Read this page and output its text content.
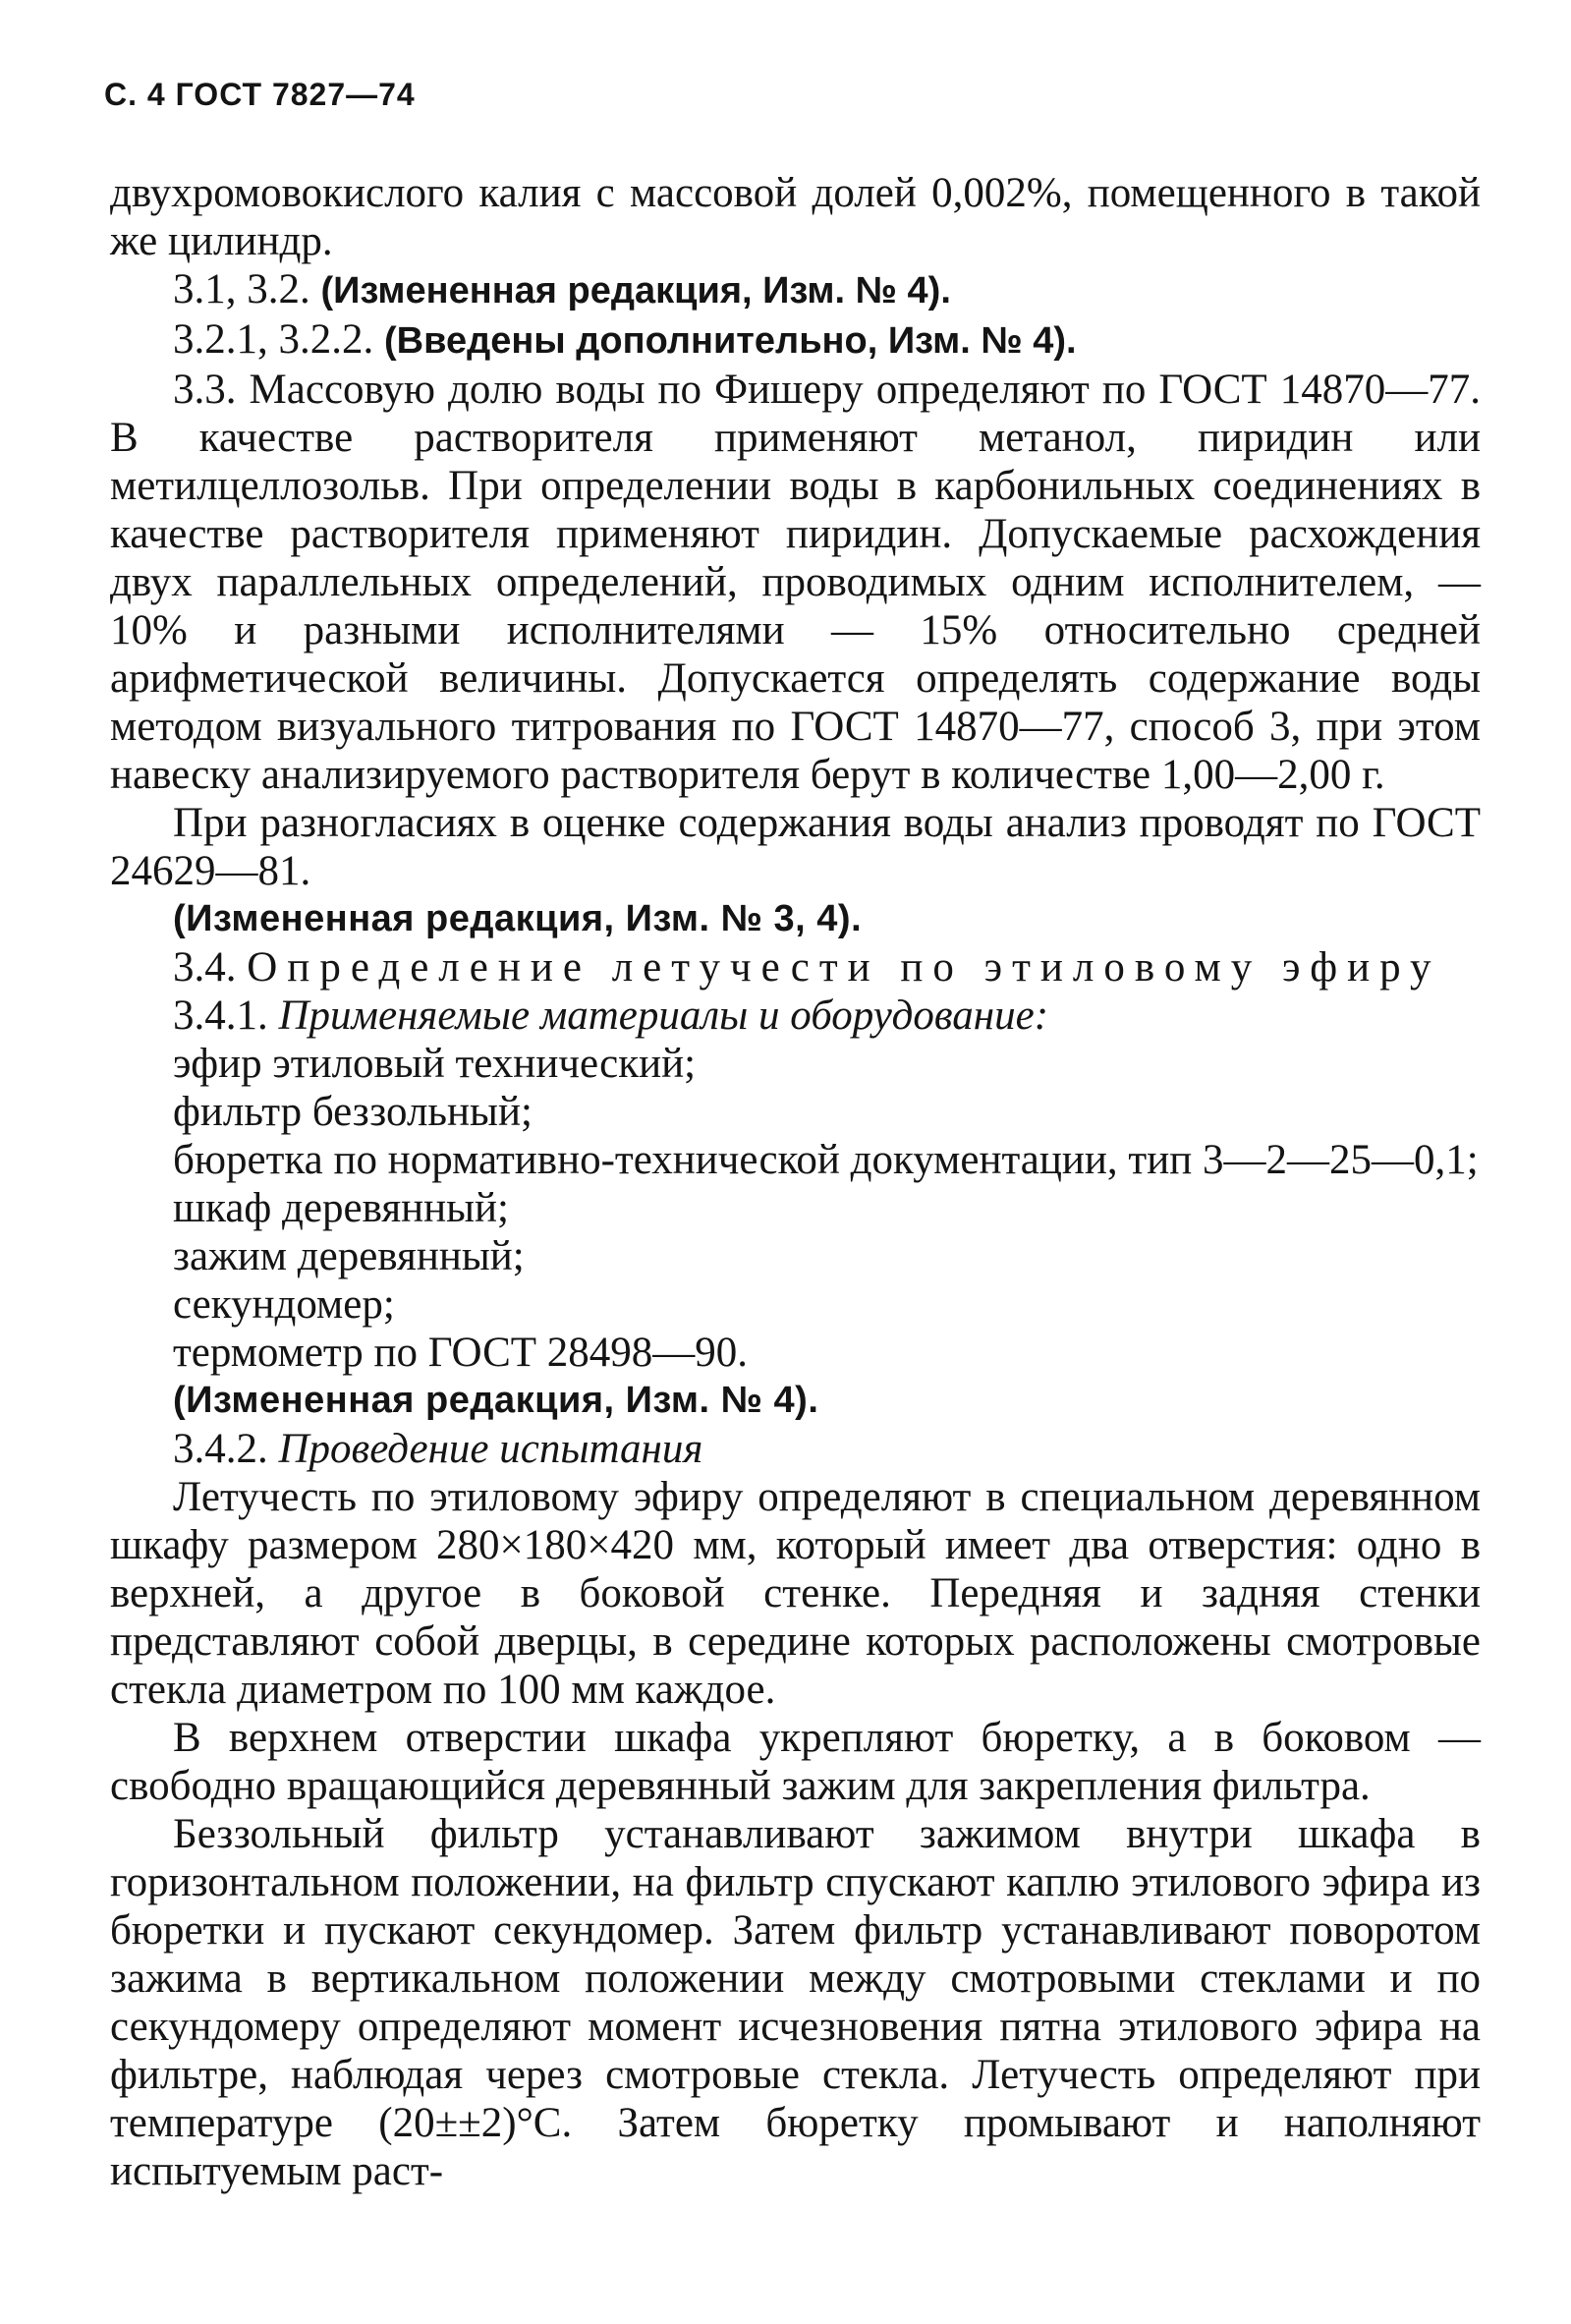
С. 4 ГОСТ 7827—74

двухромовокислого калия с массовой долей 0,002%, помещенного в такой же цилиндр.

3.1, 3.2. (Измененная редакция, Изм. № 4).

3.2.1, 3.2.2. (Введены дополнительно, Изм. № 4).

3.3. Массовую долю воды по Фишеру определяют по ГОСТ 14870—77. В качестве растворителя применяют метанол, пиридин или метилцеллозольв. При определении воды в карбонильных соединениях в качестве растворителя применяют пиридин. Допускаемые расхождения двух параллельных определений, проводимых одним исполнителем, — 10% и разными исполнителями — 15% относительно средней арифметической величины. Допускается определять содержание воды методом визуального титрования по ГОСТ 14870—77, способ 3, при этом навеску анализируемого растворителя берут в количестве 1,00—2,00 г.

При разногласиях в оценке содержания воды анализ проводят по ГОСТ 24629—81.

(Измененная редакция, Изм. № 3, 4).

3.4. Определение летучести по этиловому эфиру

3.4.1. Применяемые материалы и оборудование:

эфир этиловый технический;

фильтр беззольный;

бюретка по нормативно-технической документации, тип 3—2—25—0,1;

шкаф деревянный;

зажим деревянный;

секундомер;

термометр по ГОСТ 28498—90.

(Измененная редакция, Изм. № 4).

3.4.2. Проведение испытания

Летучесть по этиловому эфиру определяют в специальном деревянном шкафу размером 280×180×420 мм, который имеет два отверстия: одно в верхней, а другое в боковой стенке. Передняя и задняя стенки представляют собой дверцы, в середине которых расположены смотровые стекла диаметром по 100 мм каждое.

В верхнем отверстии шкафа укрепляют бюретку, а в боковом — свободно вращающийся деревянный зажим для закрепления фильтра.

Беззольный фильтр устанавливают зажимом внутри шкафа в горизонтальном положении, на фильтр спускают каплю этилового эфира из бюретки и пускают секундомер. Затем фильтр устанавливают поворотом зажима в вертикальном положении между смотровыми стеклами и по секундомеру определяют момент исчезновения пятна этилового эфира на фильтре, наблюдая через смотровые стекла. Летучесть определяют при температуре (20±±2)°С. Затем бюретку промывают и наполняют испытуемым раст-
